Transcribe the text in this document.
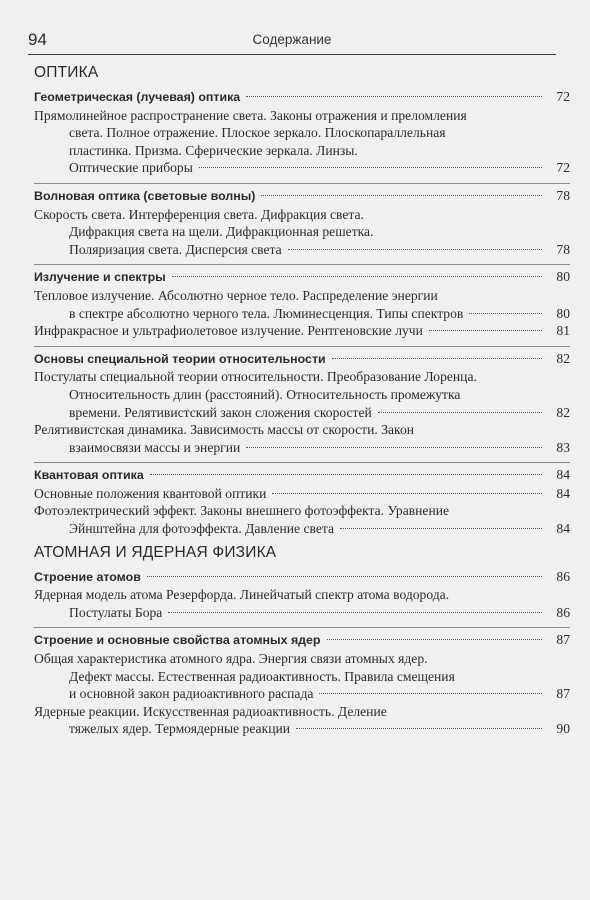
94	Содержание
ОПТИКА
Геометрическая (лучевая) оптика	72
Прямолинейное распространение света. Законы отражения и преломления
света. Полное отражение. Плоское зеркало. Плоскопараллельная
пластинка. Призма. Сферические зеркала. Линзы.
Оптические приборы	72
Волновая оптика (световые волны)	78
Скорость света. Интерференция света. Дифракция света.
Дифракция света на щели. Дифракционная решетка.
Поляризация света. Дисперсия света	78
Излучение и спектры	80
Тепловое излучение. Абсолютно черное тело. Распределение энергии
в спектре абсолютно черного тела. Люминесценция. Типы спектров	80
Инфракрасное и ультрафиолетовое излучение. Рентгеновские лучи	81
Основы специальной теории относительности	82
Постулаты специальной теории относительности. Преобразование Лоренца.
Относительность длин (расстояний). Относительность промежутка
времени. Релятивистский закон сложения скоростей	82
Релятивистская динамика. Зависимость массы от скорости. Закон
взаимосвязи массы и энергии	83
Квантовая оптика	84
Основные положения квантовой оптики	84
Фотоэлектрический эффект. Законы внешнего фотоэффекта. Уравнение
Эйнштейна для фотоэффекта. Давление света	84
АТОМНАЯ И ЯДЕРНАЯ ФИЗИКА
Строение атомов	86
Ядерная модель атома Резерфорда. Линейчатый спектр атома водорода.
Постулаты Бора	86
Строение и основные свойства атомных ядер	87
Общая характеристика атомного ядра. Энергия связи атомных ядер.
Дефект массы. Естественная радиоактивность. Правила смещения
и основной закон радиоактивного распада	87
Ядерные реакции. Искусственная радиоактивность. Деление
тяжелых ядер. Термоядерные реакции	90
